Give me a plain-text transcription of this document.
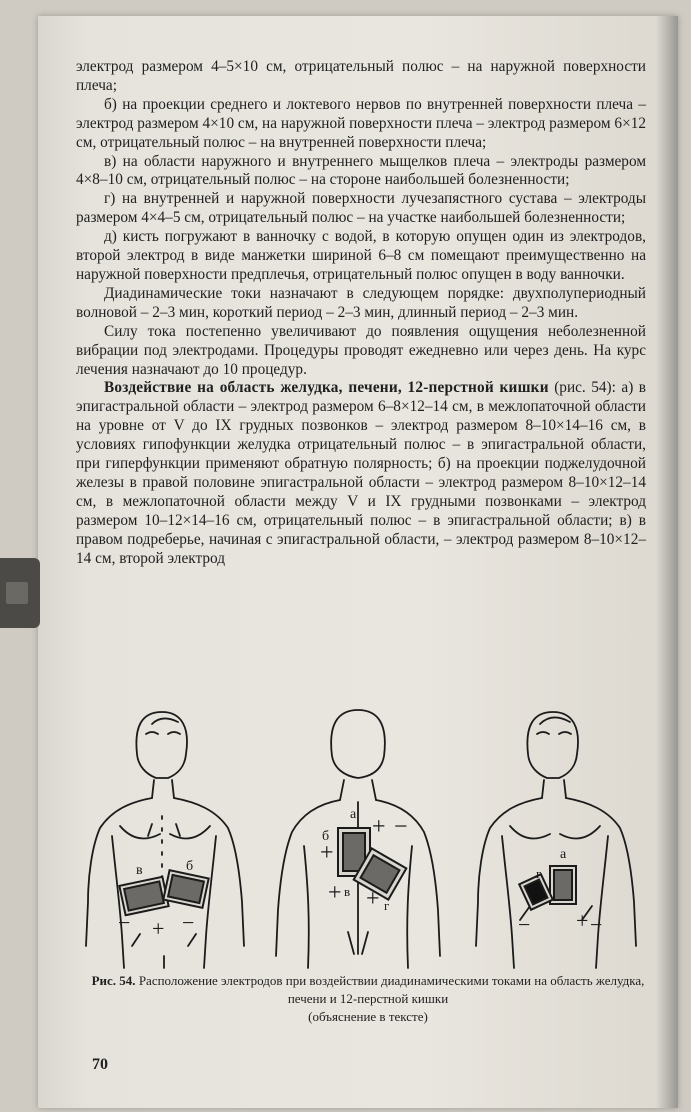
электрод размером 4–5×10 см, отрицательный полюс – на наружной поверхности плеча;

б) на проекции среднего и локтевого нервов по внутренней поверхности плеча – электрод размером 4×10 см, на наружной поверхности плеча – электрод размером 6×12 см, отрицательный полюс – на внутренней поверхности плеча;

в) на области наружного и внутреннего мыщелков плеча – электроды размером 4×8–10 см, отрицательный полюс – на стороне наибольшей болезненности;

г) на внутренней и наружной поверхности лучезапястного сустава – электроды размером 4×4–5 см, отрицательный полюс – на участке наибольшей болезненности;

д) кисть погружают в ванночку с водой, в которую опущен один из электродов, второй электрод в виде манжетки шириной 6–8 см помещают преимущественно на наружной поверхности предплечья, отрицательный полюс опущен в воду ванночки.

Диадинамические токи назначают в следующем порядке: двухполупериодный волновой – 2–3 мин, короткий период – 2–3 мин, длинный период – 2–3 мин.

Силу тока постепенно увеличивают до появления ощущения неболезненной вибрации под электродами. Процедуры проводят ежедневно или через день. На курс лечения назначают до 10 процедур.

Воздействие на область желудка, печени, 12-перстной кишки (рис. 54): а) в эпигастральной области – электрод размером 6–8×12–14 см, в межлопаточной области на уровне от V до IX грудных позвонков – электрод размером 8–10×14–16 см, в условиях гипофункции желудка отрицательный полюс – в эпигастральной области, при гиперфункции применяют обратную полярность; б) на проекции поджелудочной железы в правой половине эпигастральной области – электрод размером 8–10×12–14 см, в межлопаточной области между V и IX грудными позвонками – электрод размером 10–12×14–16 см, отрицательный полюс – в эпигастральной области; в) в правом подреберье, начиная с эпигастральной области, – электрод размером 8–10×12–14 см, второй электрод

в	б
− + −
а
б + −
+
+ в + г
а
г
− + −
Рис. 54. Расположение электродов при воздействии диадинамическими токами на область желудка, печени и 12-перстной кишки
(объяснение в тексте)
70
